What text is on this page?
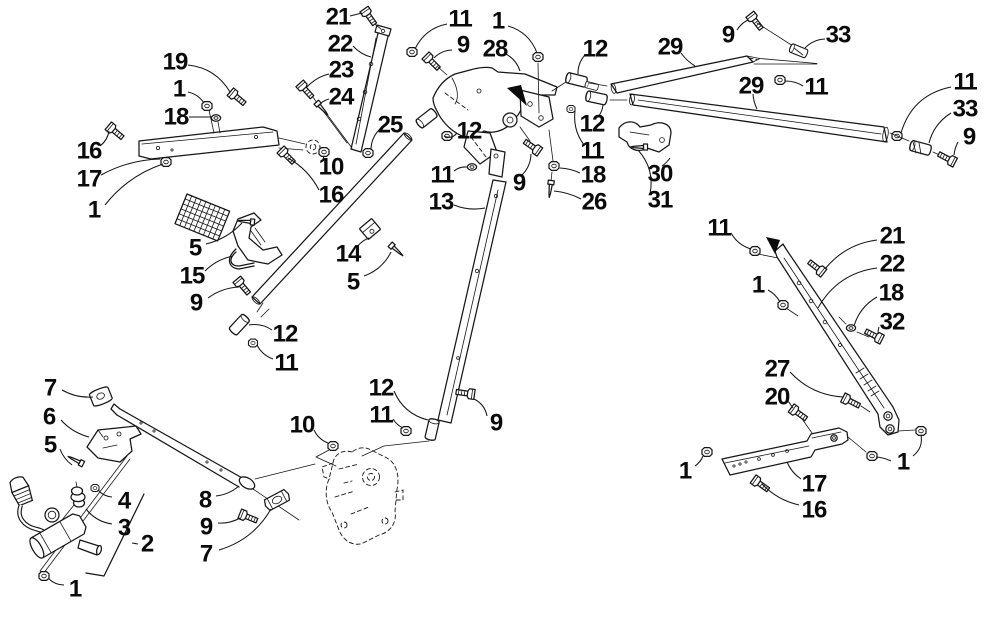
21
22
23
24
25
19
1
18
16
17
1
10
16
12
11
13
5
15
9
14
5
11 1
9 28	12 29
12
11
18
26
9	30
31
9	33
29 11	11
33
9
11	21
22
18
32
1
27
20
1	1
17
16
7
6
5
4
3
2
1
8
9
7
10
12
11	9
12
11
